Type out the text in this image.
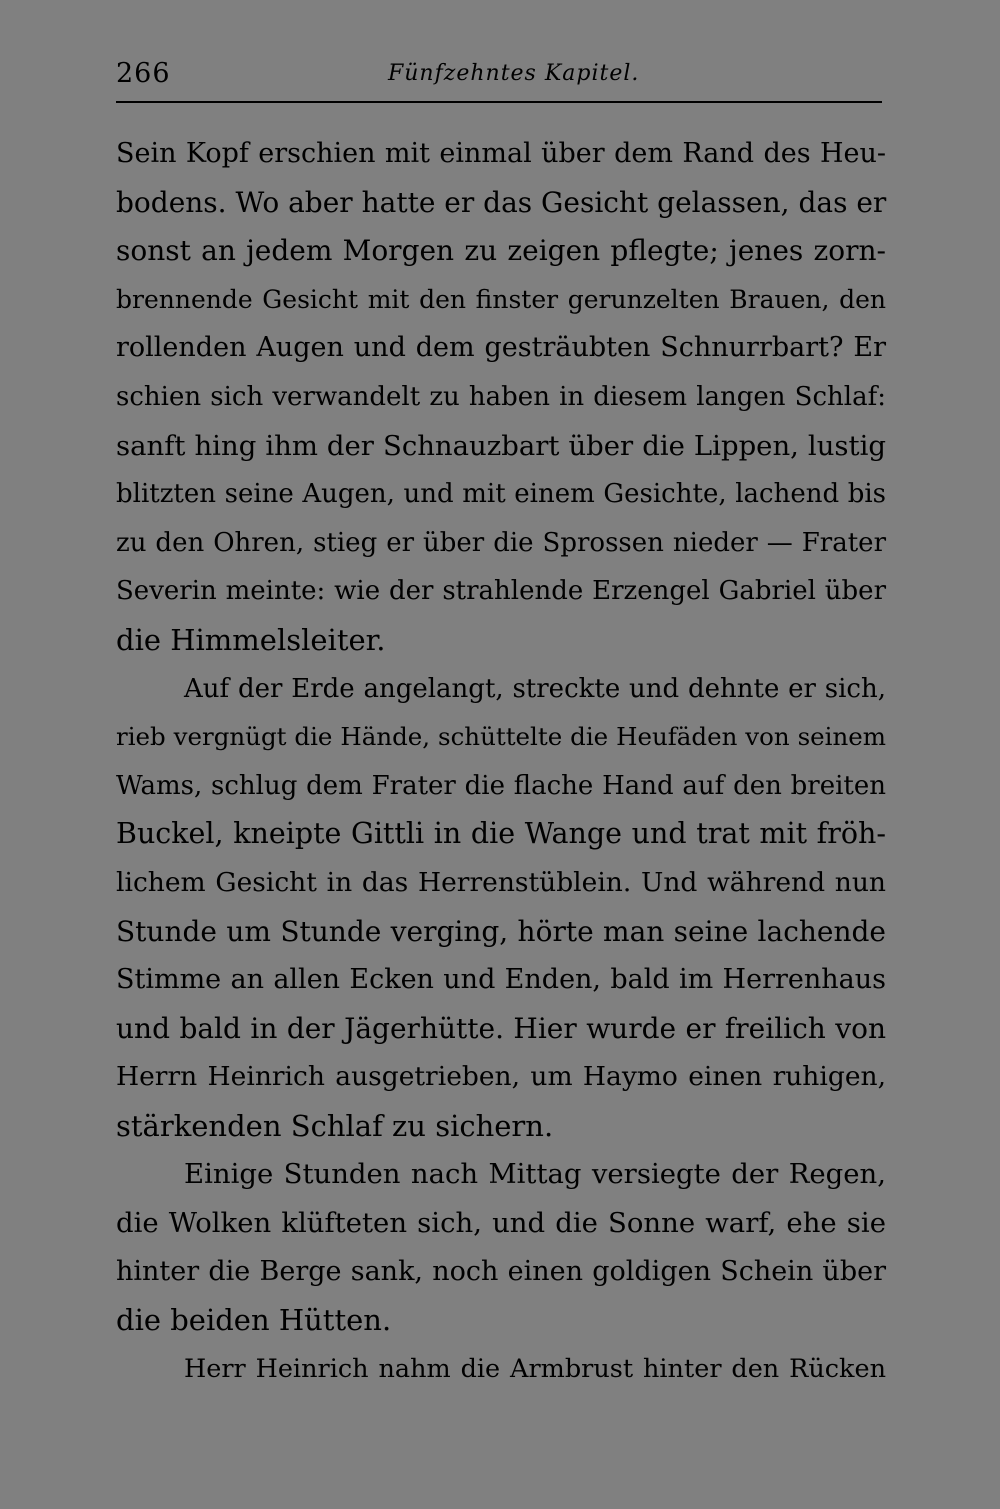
266	Fünfzehntes Kapitel.
Sein Kopf erschien mit einmal über dem Rand des Heu-
bodens. Wo aber hatte er das Gesicht gelassen, das er
sonst an jedem Morgen zu zeigen pflegte; jenes zorn-
brennende Gesicht mit den finster gerunzelten Brauen, den
rollenden Augen und dem gesträubten Schnurrbart? Er
schien sich verwandelt zu haben in diesem langen Schlaf:
sanft hing ihm der Schnauzbart über die Lippen, lustig
blitzten seine Augen, und mit einem Gesichte, lachend bis
zu den Ohren, stieg er über die Sprossen nieder — Frater
Severin meinte: wie der strahlende Erzengel Gabriel über
die Himmelsleiter.
Auf der Erde angelangt, streckte und dehnte er sich,
rieb vergnügt die Hände, schüttelte die Heufäden von seinem
Wams, schlug dem Frater die flache Hand auf den breiten
Buckel, kneipte Gittli in die Wange und trat mit fröh-
lichem Gesicht in das Herrenstüblein. Und während nun
Stunde um Stunde verging, hörte man seine lachende
Stimme an allen Ecken und Enden, bald im Herrenhaus
und bald in der Jägerhütte. Hier wurde er freilich von
Herrn Heinrich ausgetrieben, um Haymo einen ruhigen,
stärkenden Schlaf zu sichern.
Einige Stunden nach Mittag versiegte der Regen,
die Wolken klüfteten sich, und die Sonne warf, ehe sie
hinter die Berge sank, noch einen goldigen Schein über
die beiden Hütten.
Herr Heinrich nahm die Armbrust hinter den Rücken
